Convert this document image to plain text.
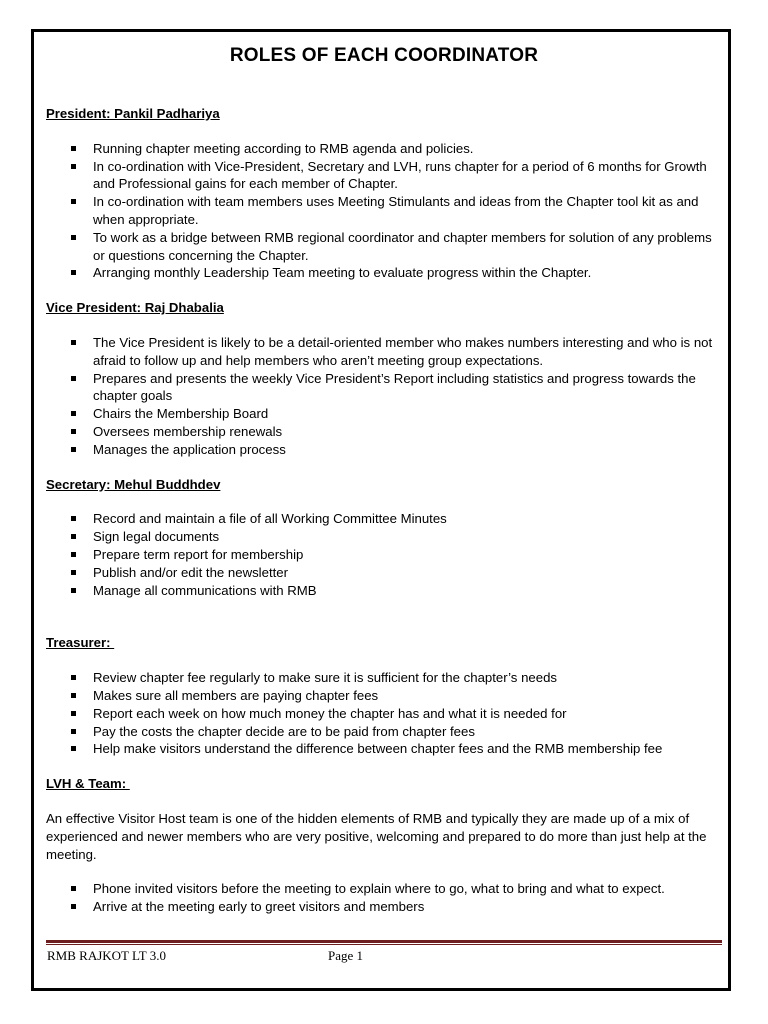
ROLES OF EACH COORDINATOR

President: Pankil Padhariya

Running chapter meeting according to RMB agenda and policies.
In co-ordination with Vice-President, Secretary and LVH, runs chapter for a period of 6 months for Growth and Professional gains for each member of Chapter.
In co-ordination with team members uses Meeting Stimulants and ideas from the Chapter tool kit as and when appropriate.
To work as a bridge between RMB regional coordinator and chapter members for solution of any problems or questions concerning the Chapter.
Arranging monthly Leadership Team meeting to evaluate progress within the Chapter.

Vice President: Raj Dhabalia

The Vice President is likely to be a detail-oriented member who makes numbers interesting and who is not afraid to follow up and help members who aren’t meeting group expectations.
Prepares and presents the weekly Vice President’s Report including statistics and progress towards the chapter goals
Chairs the Membership Board
Oversees membership renewals
Manages the application process

Secretary: Mehul Buddhdev

Record and maintain a file of all Working Committee Minutes
Sign legal documents
Prepare term report for membership
Publish and/or edit the newsletter
Manage all communications with RMB

Treasurer:

Review chapter fee regularly to make sure it is sufficient for the chapter’s needs
Makes sure all members are paying chapter fees
Report each week on how much money the chapter has and what it is needed for
Pay the costs the chapter decide are to be paid from chapter fees
Help make visitors understand the difference between chapter fees and the RMB membership fee

LVH & Team:

An effective Visitor Host team is one of the hidden elements of RMB and typically they are made up of a mix of experienced and newer members who are very positive, welcoming and prepared to do more than just help at the meeting.

Phone invited visitors before the meeting to explain where to go, what to bring and what to expect.
Arrive at the meeting early to greet visitors and members
RMB RAJKOT LT 3.0	Page 1
